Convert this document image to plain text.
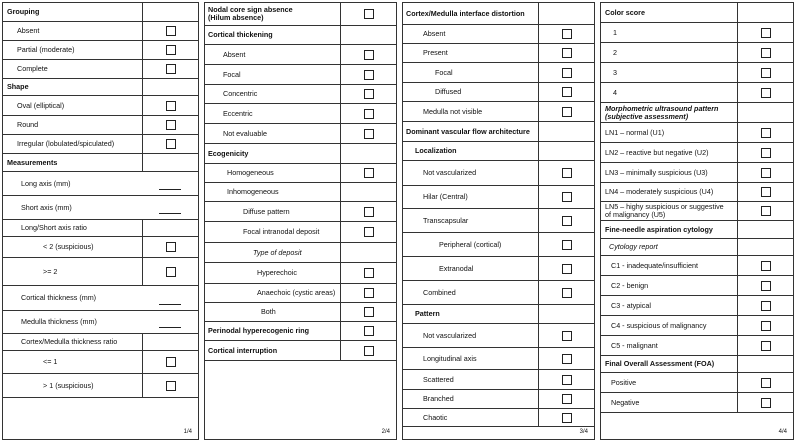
Grouping
Absent
Partial (moderate)
Complete
Shape
Oval (elliptical)
Round
Irregular (lobulated/spiculated)
Measurements
Long axis (mm)
Short axis (mm)
Long/Short axis ratio
< 2 (suspicious)
>= 2
Cortical thickness (mm)
Medulla thickness (mm)
Cortex/Medulla thickness ratio
<= 1
> 1 (suspicious)
1/4
Nodal core sign absence
(Hilum absence)
Cortical thickening
Absent
Focal
Concentric
Eccentric
Not evaluable
Ecogenicity
Homogeneous
Inhomogeneous
Diffuse pattern
Focal intranodal deposit
Type of deposit
Hyperechoic
Anaechoic (cystic areas)
Both
Perinodal hyperecogenic ring
Cortical interruption
2/4
Cortex/Medulla interface distortion
Absent
Present
Focal
Diffused
Medulla not visible
Dominant vascular flow architecture
Localization
Not vascularized
Hilar (Central)
Transcapsular
Peripheral (cortical)
Extranodal
Combined
Pattern
Not vascularized
Longitudinal axis
Scattered
Branched
Chaotic
3/4
Color score
1
2
3
4
Morphometric ultrasound pattern
(subjective assessment)
LN1 – normal (U1)
LN2 – reactive but negative (U2)
LN3 – minimally suspicious (U3)
LN4 – moderately suspicious (U4)
LN5 – highy suspicious or suggestive
of malignancy (U5)
Fine-needle aspiration cytology
Cytology report
C1 - inadequate/insufficient
C2 - benign
C3 - atypical
C4 - suspicious of malignancy
C5 - malignant
Final Overall Assessment (FOA)
Positive
Negative
4/4
